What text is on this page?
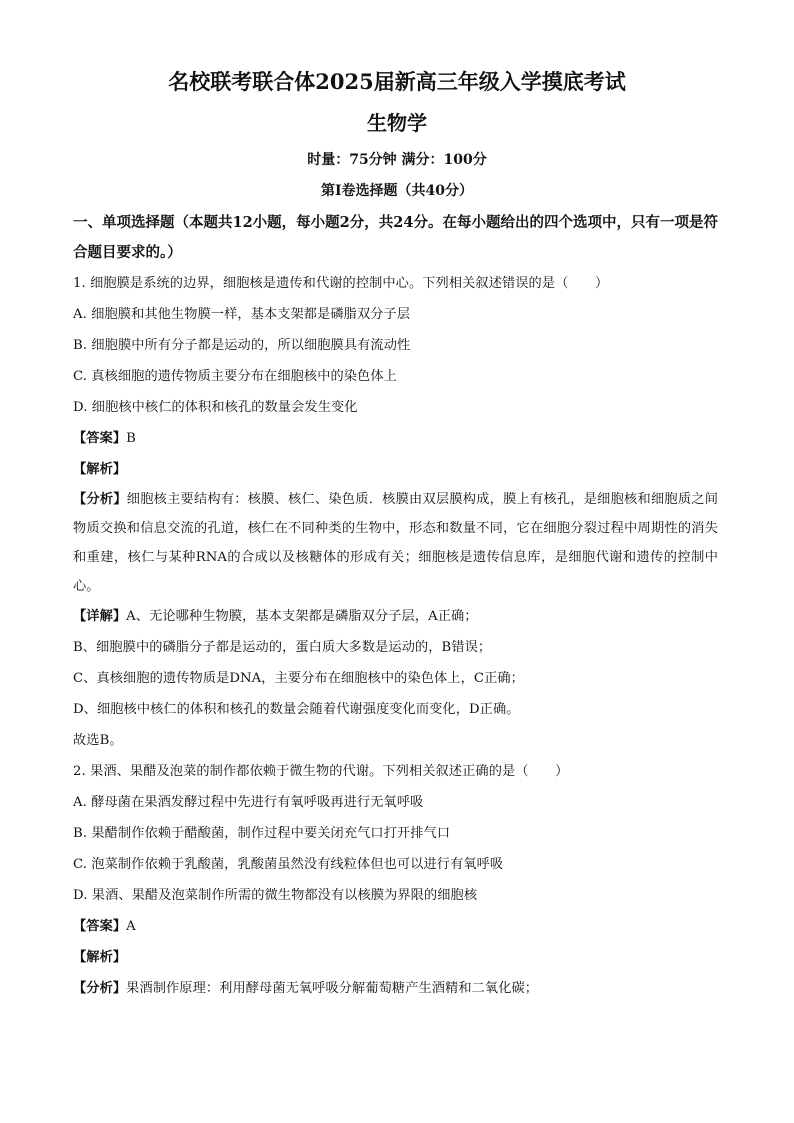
名校联考联合体2025届新高三年级入学摸底考试
生物学
时量：75分钟 满分：100分
第Ⅰ卷选择题（共40分）

一、单项选择题（本题共12小题，每小题2分，共24分。在每小题给出的四个选项中，只有一项是符合题目要求的。）

1. 细胞膜是系统的边界，细胞核是遗传和代谢的控制中心。下列相关叙述错误的是（　　）

A. 细胞膜和其他生物膜一样，基本支架都是磷脂双分子层

B. 细胞膜中所有分子都是运动的，所以细胞膜具有流动性

C. 真核细胞的遗传物质主要分布在细胞核中的染色体上

D. 细胞核中核仁的体积和核孔的数量会发生变化

【答案】B

【解析】

【分析】细胞核主要结构有：核膜、核仁、染色质．核膜由双层膜构成，膜上有核孔，是细胞核和细胞质之间物质交换和信息交流的孔道，核仁在不同种类的生物中，形态和数量不同，它在细胞分裂过程中周期性的消失和重建，核仁与某种RNA的合成以及核糖体的形成有关；细胞核是遗传信息库，是细胞代谢和遗传的控制中心。

【详解】A、无论哪种生物膜，基本支架都是磷脂双分子层，A正确；

B、细胞膜中的磷脂分子都是运动的，蛋白质大多数是运动的，B错误；

C、真核细胞的遗传物质是DNA，主要分布在细胞核中的染色体上，C正确；

D、细胞核中核仁的体积和核孔的数量会随着代谢强度变化而变化，D正确。

故选B。

2. 果酒、果醋及泡菜的制作都依赖于微生物的代谢。下列相关叙述正确的是（　　）

A. 酵母菌在果酒发酵过程中先进行有氧呼吸再进行无氧呼吸

B. 果醋制作依赖于醋酸菌，制作过程中要关闭充气口打开排气口

C. 泡菜制作依赖于乳酸菌，乳酸菌虽然没有线粒体但也可以进行有氧呼吸

D. 果酒、果醋及泡菜制作所需的微生物都没有以核膜为界限的细胞核

【答案】A

【解析】

【分析】果酒制作原理：利用酵母菌无氧呼吸分解葡萄糖产生酒精和二氧化碳；
